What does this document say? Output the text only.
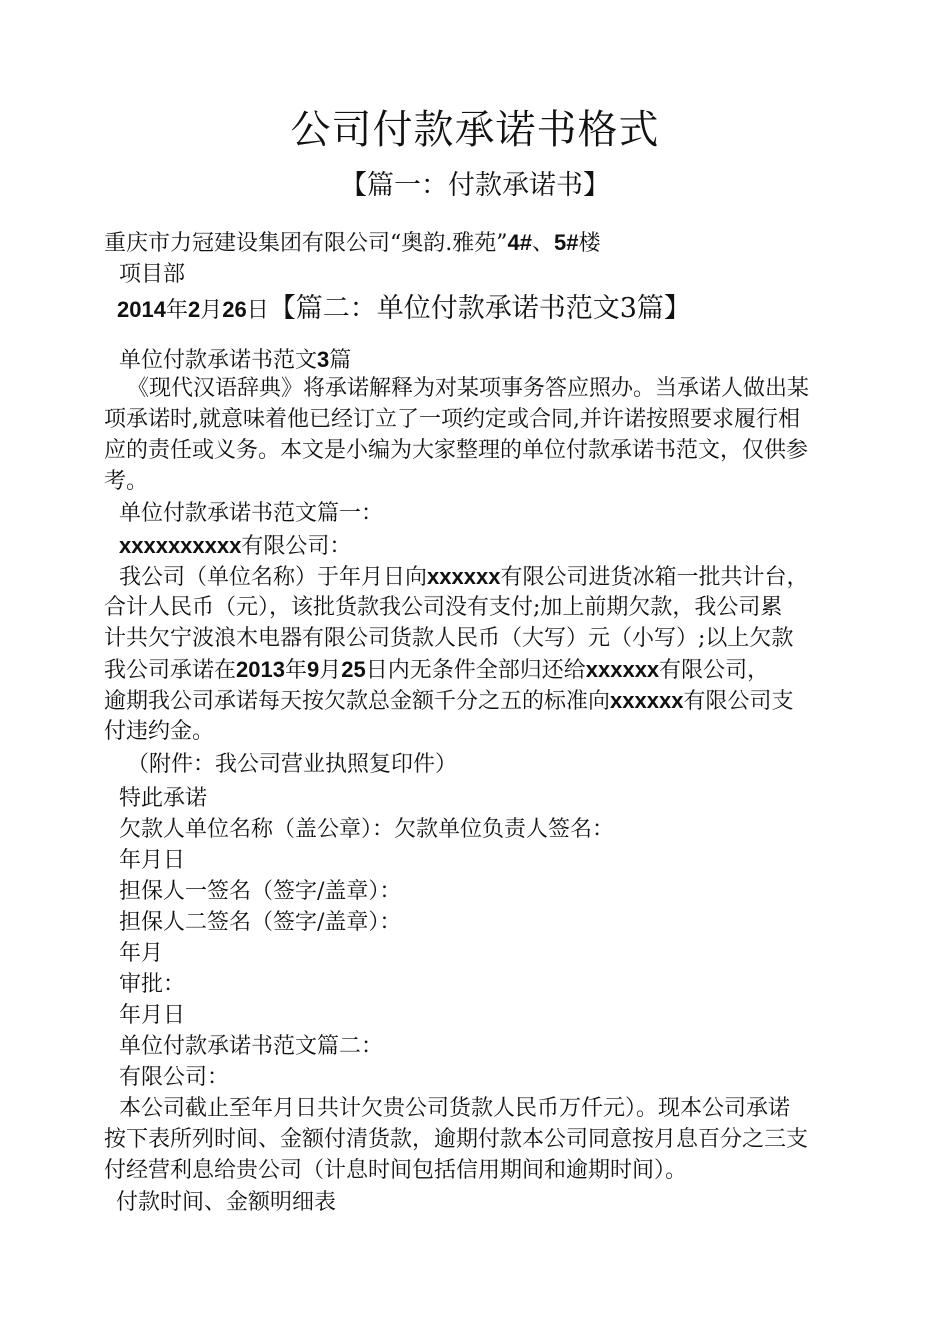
公司付款承诺书格式
【篇一：付款承诺书】
重庆市力冠建设集团有限公司“奥韵.雅苑”4#、5#楼
项目部
2014年2月26日【篇二：单位付款承诺书范文3篇】
单位付款承诺书范文3篇
《现代汉语辞典》将承诺解释为对某项事务答应照办。当承诺人做出某
项承诺时,就意味着他已经订立了一项约定或合同,并许诺按照要求履行相
应的责任或义务。本文是小编为大家整理的单位付款承诺书范文，仅供参
考。
单位付款承诺书范文篇一：
xxxxxxxxxx有限公司：
我公司（单位名称）于年月日向xxxxxx有限公司进货冰箱一批共计台，
合计人民币（元），该批货款我公司没有支付;加上前期欠款，我公司累
计共欠宁波浪木电器有限公司货款人民币（大写）元（小写）;以上欠款
我公司承诺在2013年9月25日内无条件全部归还给xxxxxx有限公司，
逾期我公司承诺每天按欠款总金额千分之五的标准向xxxxxx有限公司支
付违约金。
（附件：我公司营业执照复印件）
特此承诺
欠款人单位名称（盖公章）：欠款单位负责人签名：
年月日
担保人一签名（签字/盖章）：
担保人二签名（签字/盖章）：
年月
审批：
年月日
单位付款承诺书范文篇二：
有限公司：
本公司截止至年月日共计欠贵公司货款人民币万仟元）。现本公司承诺
按下表所列时间、金额付清货款，逾期付款本公司同意按月息百分之三支
付经营利息给贵公司（计息时间包括信用期间和逾期时间）。
付款时间、金额明细表
